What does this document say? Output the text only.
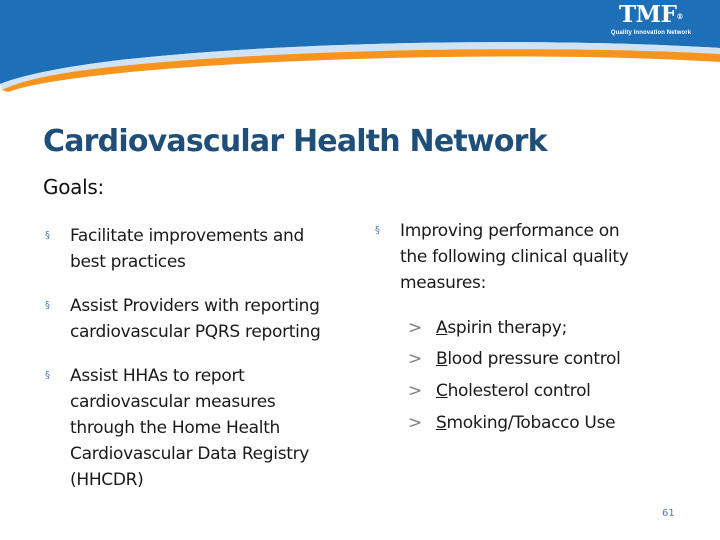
TMF®
Quality Innovation Network
Cardiovascular Health Network
Goals:
§ Facilitate improvements and
best practices
§ Assist Providers with reporting
cardiovascular PQRS reporting
§ Assist HHAs to report
cardiovascular measures
through the Home Health
Cardiovascular Data Registry
(HHCDR)
§ Improving performance on
the following clinical quality
measures:
> Aspirin therapy;
> Blood pressure control
> Cholesterol control
> Smoking/Tobacco Use
61
